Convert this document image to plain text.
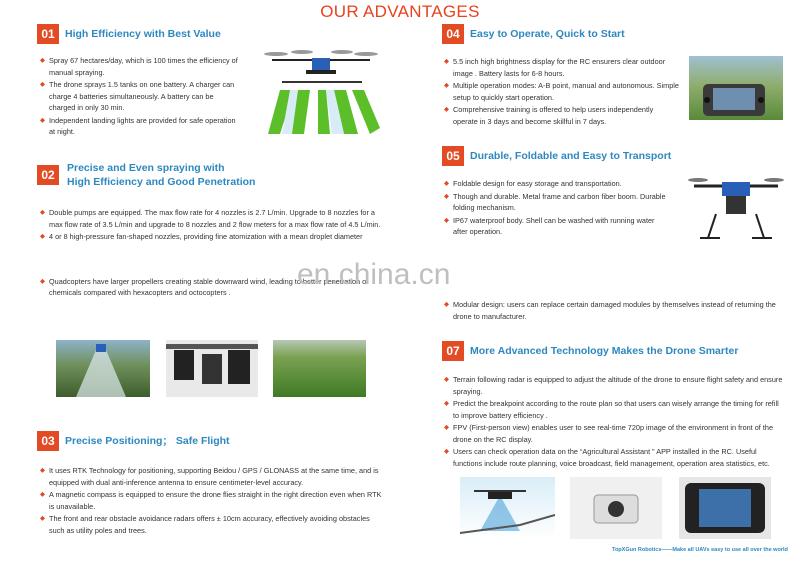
OUR ADVANTAGES
01 High Efficiency with Best Value
◆ Spray 67 hectares/day, which is 100 times the efficiency of manual spraying.
◆ The drone sprays 1.5 tanks on one battery. A charger can charge 4 batteries simultaneously. A battery can be charged in only 30 min.
◆ Independent landing lights are provided for safe operation at night.
02	Precise and Even spraying with
High Efficiency and Good Penetration
◆ Double pumps are equipped. The max flow rate for 4 nozzles is 2.7 L/min. Upgrade to 8 nozzles for a max flow rate of 3.5 L/min and upgrade to 8 nozzles and 2 flow meters for a max flow rate of 4.5 L/min.
◆ 4 or 8 high-pressure fan-shaped nozzles, providing fine atomization with a mean droplet diameter
◆ Quadcopters have larger propellers creating stable downward wind, leading to better penetration of chemicals compared with hexacopters and octocopters .
03 Precise Positioning； Safe Flight
◆ It uses RTK Technology for positioning, supporting Beidou / GPS / GLONASS at the same time, and is equipped with dual anti-inference antenna to ensure centimeter-level accuracy.
◆ A magnetic compass is equipped to ensure the drone flies straight in the right direction even when RTK is unavailable.
◆ The front and rear obstacle avoidance radars offers ± 10cm accuracy, effectively avoiding obstacles such as utility poles and trees.
04 Easy to Operate, Quick to Start
◆ 5.5 inch high brightness display for the RC ensurers clear outdoor image . Battery lasts for 6-8 hours.
◆ Multiple operation modes: A-B point, manual and autonomous. Simple setup to quickly start operation.
◆ Comprehensive training is offered to help users independently operate in 3 days and become skillful in 7 days.
05 Durable, Foldable and Easy to Transport
◆ Foldable design for easy storage and transportation.
◆ Though and durable. Metal frame and carbon fiber boom. Durable folding mechanism.
◆ IP67 waterproof body. Shell can be washed with running water after operation.
◆ Modular design: users can replace certain damaged modules by themselves instead of returning the drone to manufacturer.
07 More Advanced Technology Makes the Drone Smarter
◆ Terrain following radar is equipped to adjust the altitude of the drone to ensure flight safety and ensure spraying.
◆ Predict the breakpoint according to the route plan so that users can wisely arrange the timing for refill to improve battery efficiency .
◆ FPV (First-person view) enables user to see real-time 720p image of the environment in front of the drone on the RC display.
◆ Users can check operation data on the “Agricultural Assistant ” APP installed in the RC. Useful functions include route planning, voice broadcast, field management, operation area statistics, etc.
en.china.cn
TopXGun Robotics——Make all UAVs easy to use all over the world
